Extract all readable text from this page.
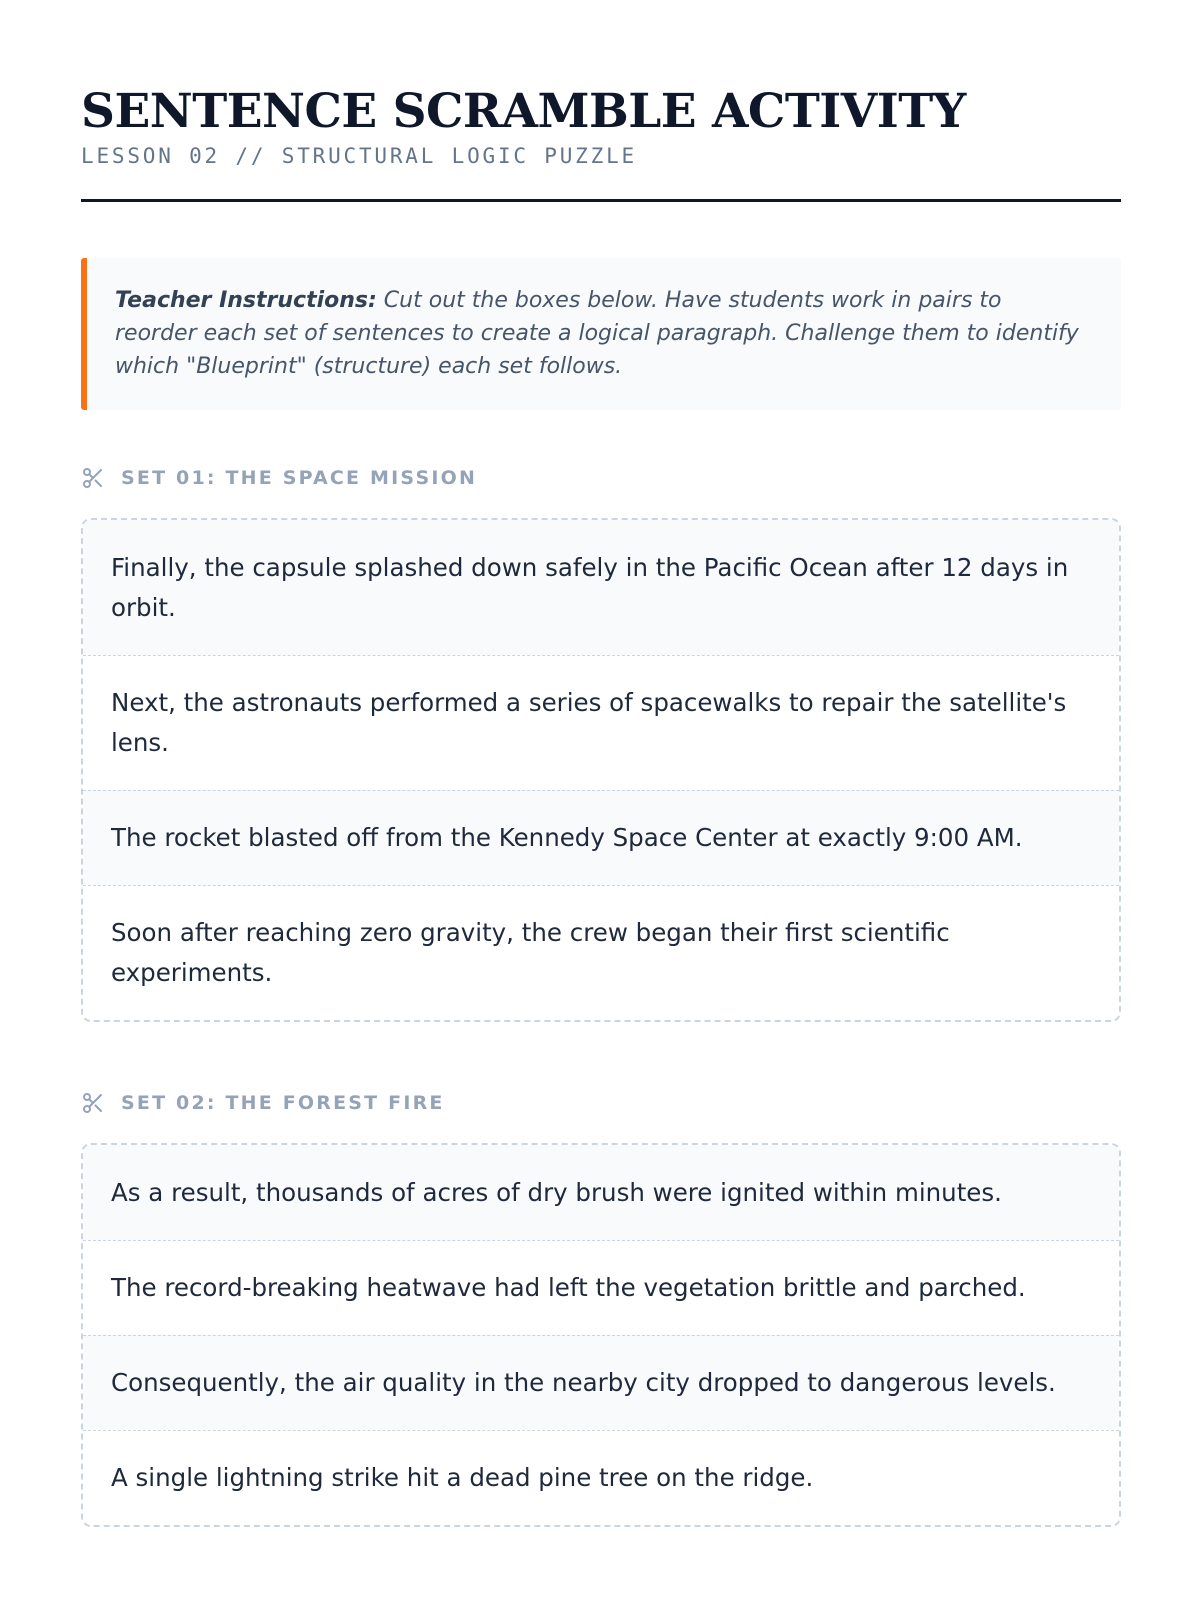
SENTENCE SCRAMBLE ACTIVITY
LESSON 02 // STRUCTURAL LOGIC PUZZLE
Teacher Instructions: Cut out the boxes below. Have students work in pairs to reorder each set of sentences to create a logical paragraph. Challenge them to identify which "Blueprint" (structure) each set follows.
SET 01: THE SPACE MISSION
Finally, the capsule splashed down safely in the Pacific Ocean after 12 days in orbit.
Next, the astronauts performed a series of spacewalks to repair the satellite's lens.
The rocket blasted off from the Kennedy Space Center at exactly 9:00 AM.
Soon after reaching zero gravity, the crew began their first scientific experiments.
SET 02: THE FOREST FIRE
As a result, thousands of acres of dry brush were ignited within minutes.
The record-breaking heatwave had left the vegetation brittle and parched.
Consequently, the air quality in the nearby city dropped to dangerous levels.
A single lightning strike hit a dead pine tree on the ridge.
